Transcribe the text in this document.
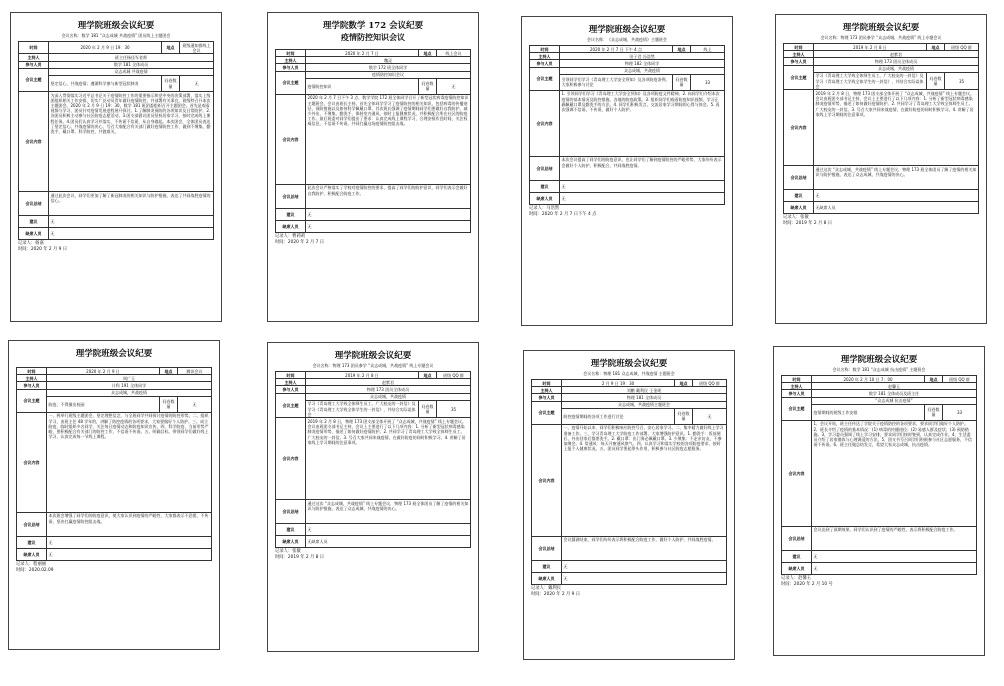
理学院班级会议纪要
会议名称：数学 181 “众志成城 共战疫情” 团员线上主题团会
时间	2020 年 2 月 9 日 19：30	地点	班级通知群线上会议
主持人	班主任杨佳军老师		
参与人员	数学 181 全体成员		
会议主题	众志成城 共战疫情		
	坚定信心，共战疫情；遵循科学参与新型冠状肺炎	问卷数量	无
会议内容	为深入贯彻落实习近平总书记关于疫情防控工作的重要指示和党中央的决策部署，落实上级团组织相关工作安排，切实广泛动员青年做好疫情防控，并部署有关事宜，班级特召开本次主题团会。2020 年 2 月 9 日 19：30，数学 181 班团委组织召开主题团会。首先是观看视频与学习，团员针对疫情发展进程展开探讨。1.了解肺炎预防的各项知识及日常防护。2.各团员积极主动参与社区防疫志愿活动。3.团支部倡议团员坚持居家学习，按时完成线上课程任务。4.团员们认真学习并落实，不传谣不信谣，从自身做起。本次团会，全体团员表达了坚定信心、共战疫情的决心，号召大家配合有关部门做好疫情防控工作，做到不聚集、勤洗手、戴口罩，科学防控，共渡难关。		
会议总结	通过此次会议，同学们更加了解了新冠肺炎的相关知识与防护措施，表达了共同战胜疫情的信心。		
建议	无		
缺席人员	无		
记录人：杨嘉
时间：2020 年 2 月 9 日
理学院数学 172 会议纪要
疫情防控知识会议
时间	2020 年 2 月 7 日	地点	线上会议
主持人	魏灵		
参与人员	数学 172 班全体同学		
会议主题	疫情防控知识会议		
	疫情防控知识	问卷数量	无
会议内容	2020 年 2 月 7 日下午 3 点，数学学院 172 班全体同学召开了新型冠状病毒疫情防控知识主题班会。会议由班长主持。首先全体同学学习了疫情防控的相关知识，包括病毒的传播途径、预防措施以及如何科学佩戴口罩。其次班长强调了疫情期间同学们要做好自我防护，减少外出，不聚集，勤洗手，保持室内通风，按时上报健康状况，并积极配合所在社区的防疫工作。最后班委对同学们提出了要求：认真完成线上课程学习，合理安排作息时间，关注权威信息，不信谣不传谣，共同打赢这场疫情防控阻击战。		
会议总结	此次会议严格落实了学校对疫情防控的要求，提高了同学们的防护意识，同学们表示会做好自我防护，积极配合防疫工作。		
建议	无		
缺席人员	无		
记录人：曹莉莉
时间：2020 年 2 月 7 日
理学院班级会议纪要
会议名称：《众志成城，共战疫情》主题班会
时间	2020 年 2 月 7 日 下午 4 点	地点	线上
主持人	田子君 冯浩然		
参与人员	物理 182 全体同学		
会议主题	众志成城，共战疫情		
	引领同学们学习《青岛理工大学安全须知》及各项防疫条例，大家积极参与讨论	问卷数量	33
会议内容	1. 引领同学们学习《青岛理工大学安全须知》及各项防疫文件精神。2. 向同学们介绍本次疫情的基本情况及防控措施，各地的防疫政策。3. 组织同学们观看防疫知识视频，学习正确佩戴口罩及勤洗手的方法。4. 同学们积极发言，交流居家学习期间的心得与体会。5. 再次强调不信谣、不传谣，做好个人防护。		
会议总结	本次会议提高了同学们的防疫意识，也让同学们了解到疫情防控的严峻形势，大家纷纷表示会做好个人防护，积极配合，共同战胜疫情。		
建议	无		
缺席人员	无		
记录人：马浩然
时间：2020 年 2 月 7 日下午 4 点
理学院班级会议纪要
会议名称：物理 173 团员参学 “众志成城，共战疫情” 线上专题会议
时间	2019 年 2 月 8 日	地点	班级 QQ 群
主持人	赵紫君		
参与人员	物理 173 团员全体成员		
会议主题	众志成城，共战疫情		
	学习《青岛理工大学致全体师生员工、广大校友的一封信》及学习《青岛理工大学致全体学生的一封信》，并结合实际谈体会	问卷数量	35
会议内容	2019 年 2 月 8 日，物理 173 团支部全体开展了 “众志成城，共战疫情” 线上专题会议。会议由班团支部书记主持，会议上主要进行了以下几项内容：1. 分析了新型冠状病毒感染肺炎疫情形势，描述了如何做好疫情防护。2. 共同学习了青岛理工大学致全体师生员工、广大校友的一封信。3. 号召大家共同来战疫情，在做好防疫的同时积极学习。4. 讲解了居家线上学习期间的注意事项。		
会议总结	通过这次 “众志成城，共战疫情” 线上专题会议，物理 173 班全体团员了解了疫情的相关知识与防护措施，表达了众志成城、共战疫情的决心。		
建议	无		
缺席人员	无缺席人员		
记录人：张敏
时间：2019 年 2 月 8 日
理学院班级会议纪要
时间	2020 年 2 月 9 日	地点	腾讯会议
主持人	周广玉		
参与人员	计科 191 全体同学		
会议主题	众志成城，共战疫情		
	防疫，不得擅出校园	问卷数量	无
会议内容	一、两举行班级主题团会，坚定理想信念，与全班同学共同探讨疫情的防控形势。二、组织学习，由班主任 48 学年的，讲解了防控疫情的各项要求，大家要做好个人防护。三、成立防疫，临时组织多名同学，关注每日疫情动态和防疫知识宣传。四、科学防疫，当前形势严峻，要积极配合有关部门的防控工作，不信谣不传谣。五、明确目标，带领同学们做好线上学习，认真完成每一节线上课程。		
会议总结	本次班会增强了同学们的防疫意识，使大家认识到疫情的严峻性，大家都表示不恐慌、不传谣，坚决打赢疫情防控阻击战。		
建议	无		
缺席人员	无		
记录人：程丽丽
时间：2020.02.09
理学院班级会议纪要
会议名称：物理 173 团员参学 “众志成城，共战疫情” 线上专题会议
时间	2019 年 2 月 8 日	地点	班级 QQ 群
主持人	赵紫君		
参与人员	物理 173 团员全体成员		
会议主题	众志成城，共战疫情		
	学习《青岛理工大学致全体师生员工、广大校友的一封信》及学习《青岛理工大学致全体学生的一封信》，并结合实际谈体会	问卷数量	35
会议内容	2019 年 2 月 8 日，物理 173 团支部全体开展了 “众志成城，共战疫情” 线上专题会议。会议由班团支部书记主持，会议上主要进行了以下几项内容：1. 分析了新型冠状病毒感染肺炎疫情形势，描述了如何做好疫情防护。2. 共同学习了青岛理工大学致全体师生员工、广大校友的一封信。3. 号召大家共同来战疫情，在做好防疫的同时积极学习。4. 讲解了居家线上学习期间的注意事项。		
会议总结	通过这次 “众志成城，共战疫情” 线上专题会议，物理 173 班全体团员了解了疫情的相关知识与防护措施，表达了众志成城、共战疫情的决心。		
建议	无		
缺席人员	无缺席人员		
记录人：张敏
时间：2019 年 2 月 8 日
理学院班级会议纪要
会议名称：物理 181 众志成城，共战疫情 主题班会
时间	2 月 9 日 19：30	地点	班级 QQ 群
主持人	刘鹏 戴利民 王金瑶		
参与人员	物理 181 全体成员		
会议主题	众志成城，共战疫情主题班会		
	防控疫情期间的各项工作进行讨论	问卷数量	无
会议内容	一、疫情开始以来，同学们积极响应防控号召，安心居家学习。二、集中精力做好线上学习准备工作。三、学习青岛理工大学防疫工作部署，大家增强防护意识。1. 勤洗手：饭前便后、外出回家后都要洗手。2. 戴口罩：出门务必佩戴口罩。3. 少聚集：不走亲访友，不参加聚会。4. 常通风：每天开窗通风换气。四、认真学习和落实学校的各项防疫要求，按时上报个人健康状况。五、团员同学要起带头作用，积极参与社区防疫志愿服务。		
会议总结	会议圆满结束，同学们纷纷表示将积极配合防疫工作，做好个人防护，共同战胜疫情。		
建议	无		
缺席人员	无		
记录人：戴利民
时间：2020 年 2 月 9 日
理学院班级会议纪要
会议名称：数学 181 “众志成城 抗击疫情” 主题班会
时间	2020 年 2 月 10 日 7：00	地点	班级 QQ 群
主持人	赵馨玉		
参与人员	数学 181 全体成员及班主任		
会议主题	“众志成城 抗击疫情”		
	疫情期间的班级工作安排	问卷数量	33
会议内容	1、会议开始，班主任传达了学院关于疫情防控的各项要求，要求同学们做好个人防护。2、班长介绍了疫情的基本情况：(1) 病毒的传播途径；(2) 易感人群及症状；(3) 预防措施。3、学习委员强调了线上学习安排，要求同学们按时签到，认真完成作业。4、生活委员介绍了居家锻炼与心理调适的方法。5、团支书号召同学们积极参与社区志愿服务，不信谣不传谣。6、班主任做总结发言，希望大家众志成城，抗击疫情。		
会议总结	会议达到了预期效果，同学们认识到了疫情的严峻性，表示将积极配合防疫工作。		
建议	无		
缺席人员	无		
记录人：赵馨玉
时间：2020 年 2 月 10 号
